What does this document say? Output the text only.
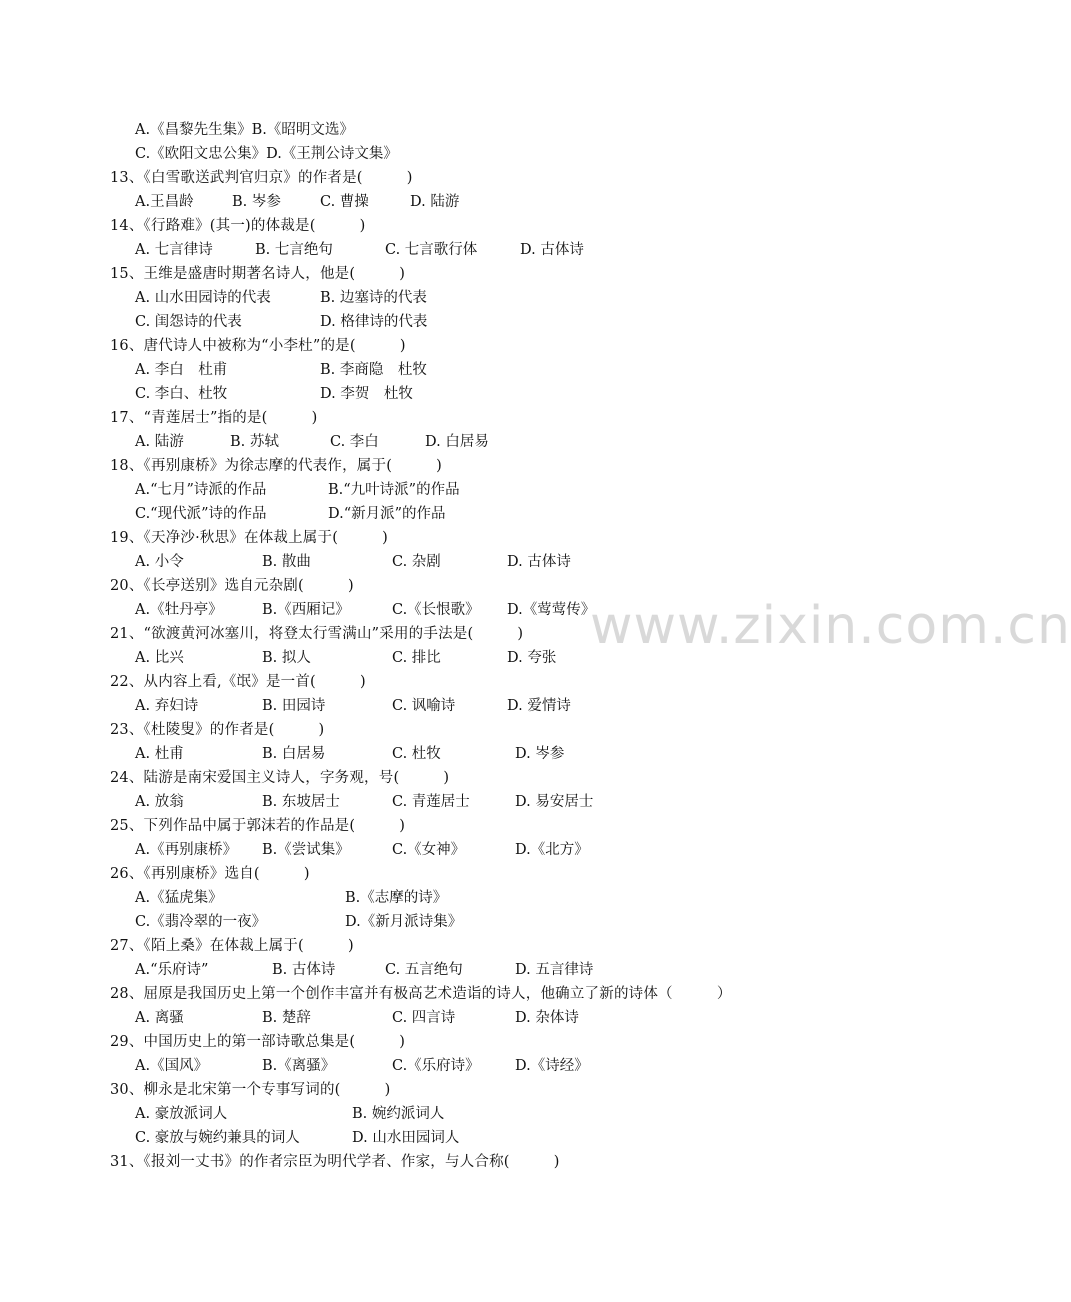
www.zixin.com.cn
A.《昌黎先生集》B.《昭明文选》
C.《欧阳文忠公集》D.《王荆公诗文集》
13、《白雪歌送武判官归京》的作者是(　　　)
A.王昌龄	B. 岑参	C. 曹操	D. 陆游
14、《行路难》(其一)的体裁是(　　　)
A. 七言律诗	B. 七言绝句	C. 七言歌行体	D. 古体诗
15、王维是盛唐时期著名诗人，他是(　　　)
A. 山水田园诗的代表	B. 边塞诗的代表
C. 闺怨诗的代表	D. 格律诗的代表
16、唐代诗人中被称为“小李杜”的是(　　　)
A. 李白　杜甫	B. 李商隐　杜牧
C. 李白、杜牧	D. 李贺　杜牧
17、“青莲居士”指的是(　　　)
A. 陆游	B. 苏轼	C. 李白	D. 白居易
18、《再别康桥》为徐志摩的代表作，属于(　　　)
A.“七月”诗派的作品	B.“九叶诗派”的作品
C.“现代派”诗的作品	D.“新月派”的作品
19、《天净沙·秋思》在体裁上属于(　　　)
A. 小令	B. 散曲	C. 杂剧	D. 古体诗
20、《长亭送别》选自元杂剧(　　　)
A.《牡丹亭》	B.《西厢记》	C.《长恨歌》 D.《莺莺传》
21、“欲渡黄河冰塞川，将登太行雪满山”采用的手法是(　　　)
A. 比兴	B. 拟人	C. 排比	D. 夸张
22、从内容上看,《氓》是一首(　　　)
A. 弃妇诗	B. 田园诗	C. 讽喻诗	D. 爱情诗
23、《杜陵叟》的作者是(　　　)
A. 杜甫	B. 白居易	C. 杜牧	D. 岑参
24、陆游是南宋爱国主义诗人，字务观，号(　　　)
A. 放翁	B. 东坡居士	C. 青莲居士	D. 易安居士
25、下列作品中属于郭沫若的作品是(　　　)
A.《再别康桥》 B.《尝试集》	C.《女神》	D.《北方》
26、《再别康桥》选自(　　　)
A.《猛虎集》	B.《志摩的诗》
C.《翡冷翠的一夜》	D.《新月派诗集》
27、《陌上桑》在体裁上属于(　　　)
A.“乐府诗”	B. 古体诗	C. 五言绝句	D. 五言律诗
28、屈原是我国历史上第一个创作丰富并有极高艺术造诣的诗人，他确立了新的诗体（　　　）
A. 离骚	B. 楚辞	C. 四言诗	D. 杂体诗
29、中国历史上的第一部诗歌总集是(　　　)
A.《国风》	B.《离骚》	C.《乐府诗》 D.《诗经》
30、柳永是北宋第一个专事写词的(　　　)
A. 豪放派词人	B. 婉约派词人
C. 豪放与婉约兼具的词人	D. 山水田园词人
31、《报刘一丈书》的作者宗臣为明代学者、作家，与人合称(　　　)
